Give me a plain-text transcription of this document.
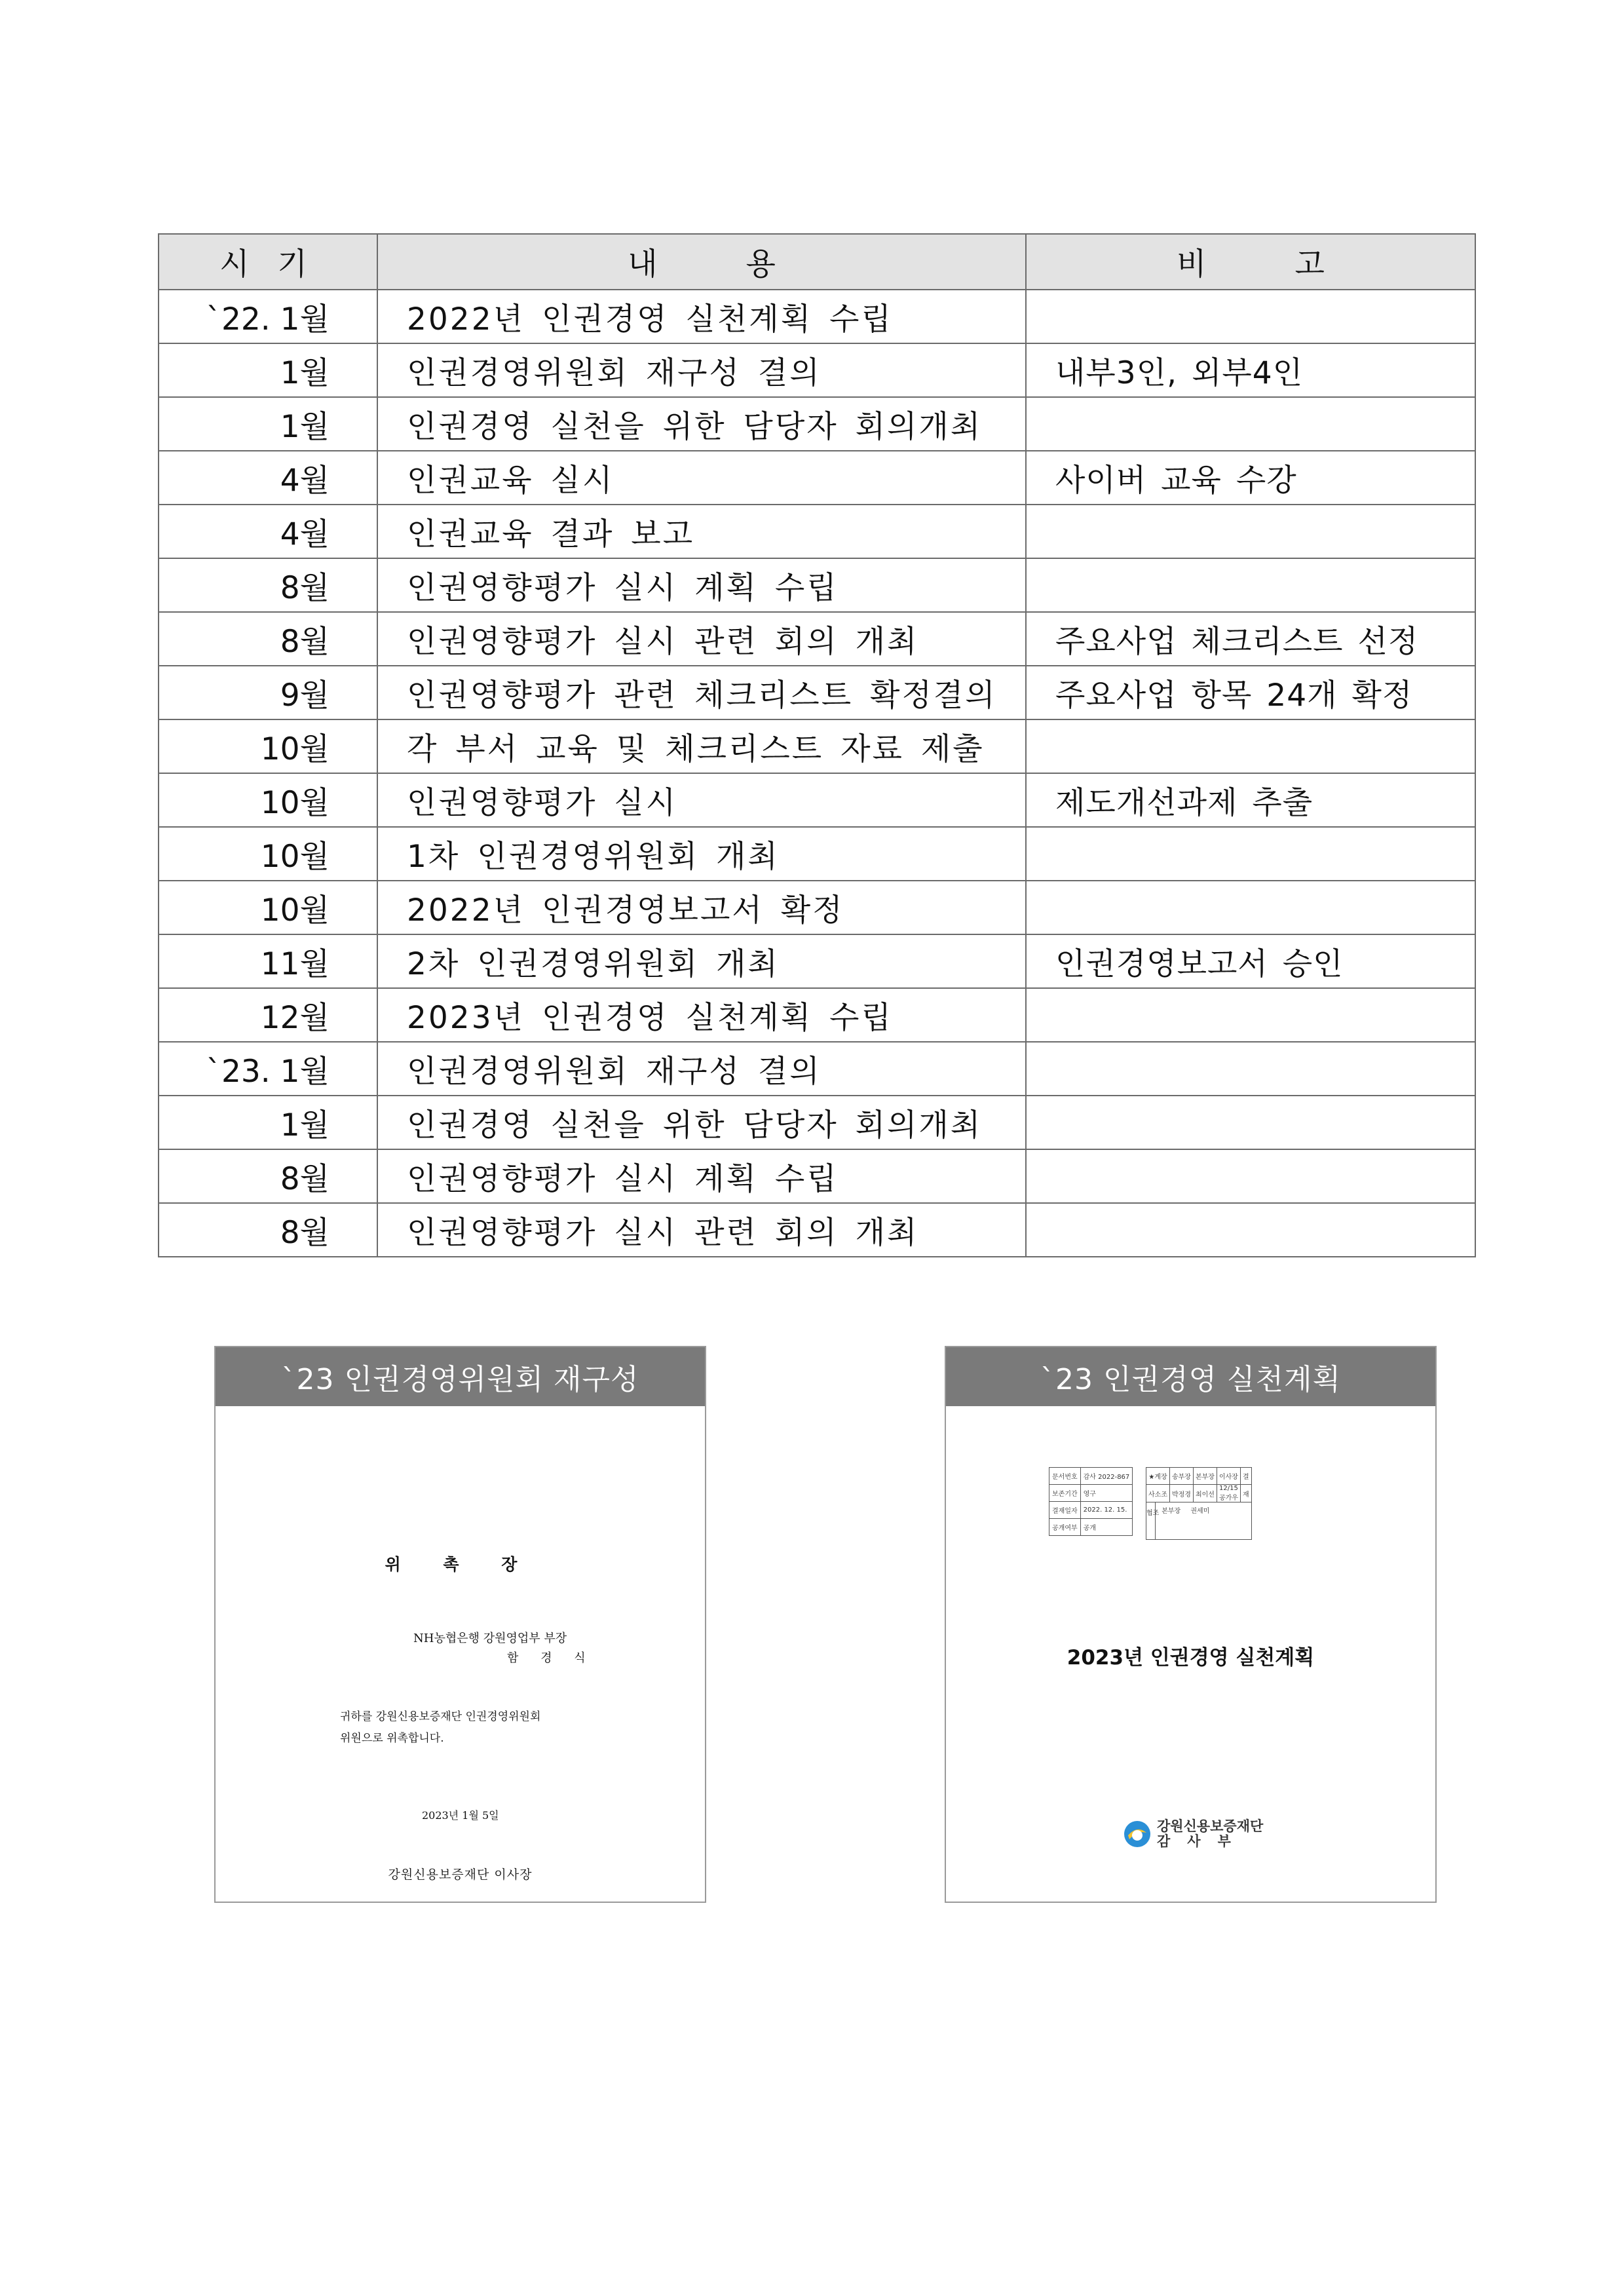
시 기	내 용	비 고
`22. 1월	2022년 인권경영 실천계획 수립	
1월	인권경영위원회 재구성 결의	내부3인, 외부4인
1월	인권경영 실천을 위한 담당자 회의개최	
4월	인권교육 실시	사이버 교육 수강
4월	인권교육 결과 보고	
8월	인권영향평가 실시 계획 수립	
8월	인권영향평가 실시 관련 회의 개최	주요사업 체크리스트 선정
9월	인권영향평가 관련 체크리스트 확정결의	주요사업 항목 24개 확정
10월	각 부서 교육 및 체크리스트 자료 제출	
10월	인권영향평가 실시	제도개선과제 추출
10월	1차 인권경영위원회 개최	
10월	2022년 인권경영보고서 확정	
11월	2차 인권경영위원회 개최	인권경영보고서 승인
12월	2023년 인권경영 실천계획 수립	
`23. 1월	인권경영위원회 재구성 결의	
1월	인권경영 실천을 위한 담당자 회의개최	
8월	인권영향평가 실시 계획 수립	
8월	인권영향평가 실시 관련 회의 개최	
`23 인권경영위원회 재구성
위 촉 장
NH농협은행 강원영업부 부장
함 경 식
귀하를 강원신용보증재단 인권경영위원회
위원으로 위촉합니다.
2023년 1월 5일
강원신용보증재단 이사장
`23 인권경영 실천계획
문서번호	감사 2022-867
보존기간	영구
결재일자	2022. 12. 15.
공개여부	공개
★계장	송부장	본부장	이사장	결
사소조	박정경	최이선	12/15
공가우	재
협조 본부장 권세미				
2023년 인권경영 실천계획
강원신용보증재단
감사부
